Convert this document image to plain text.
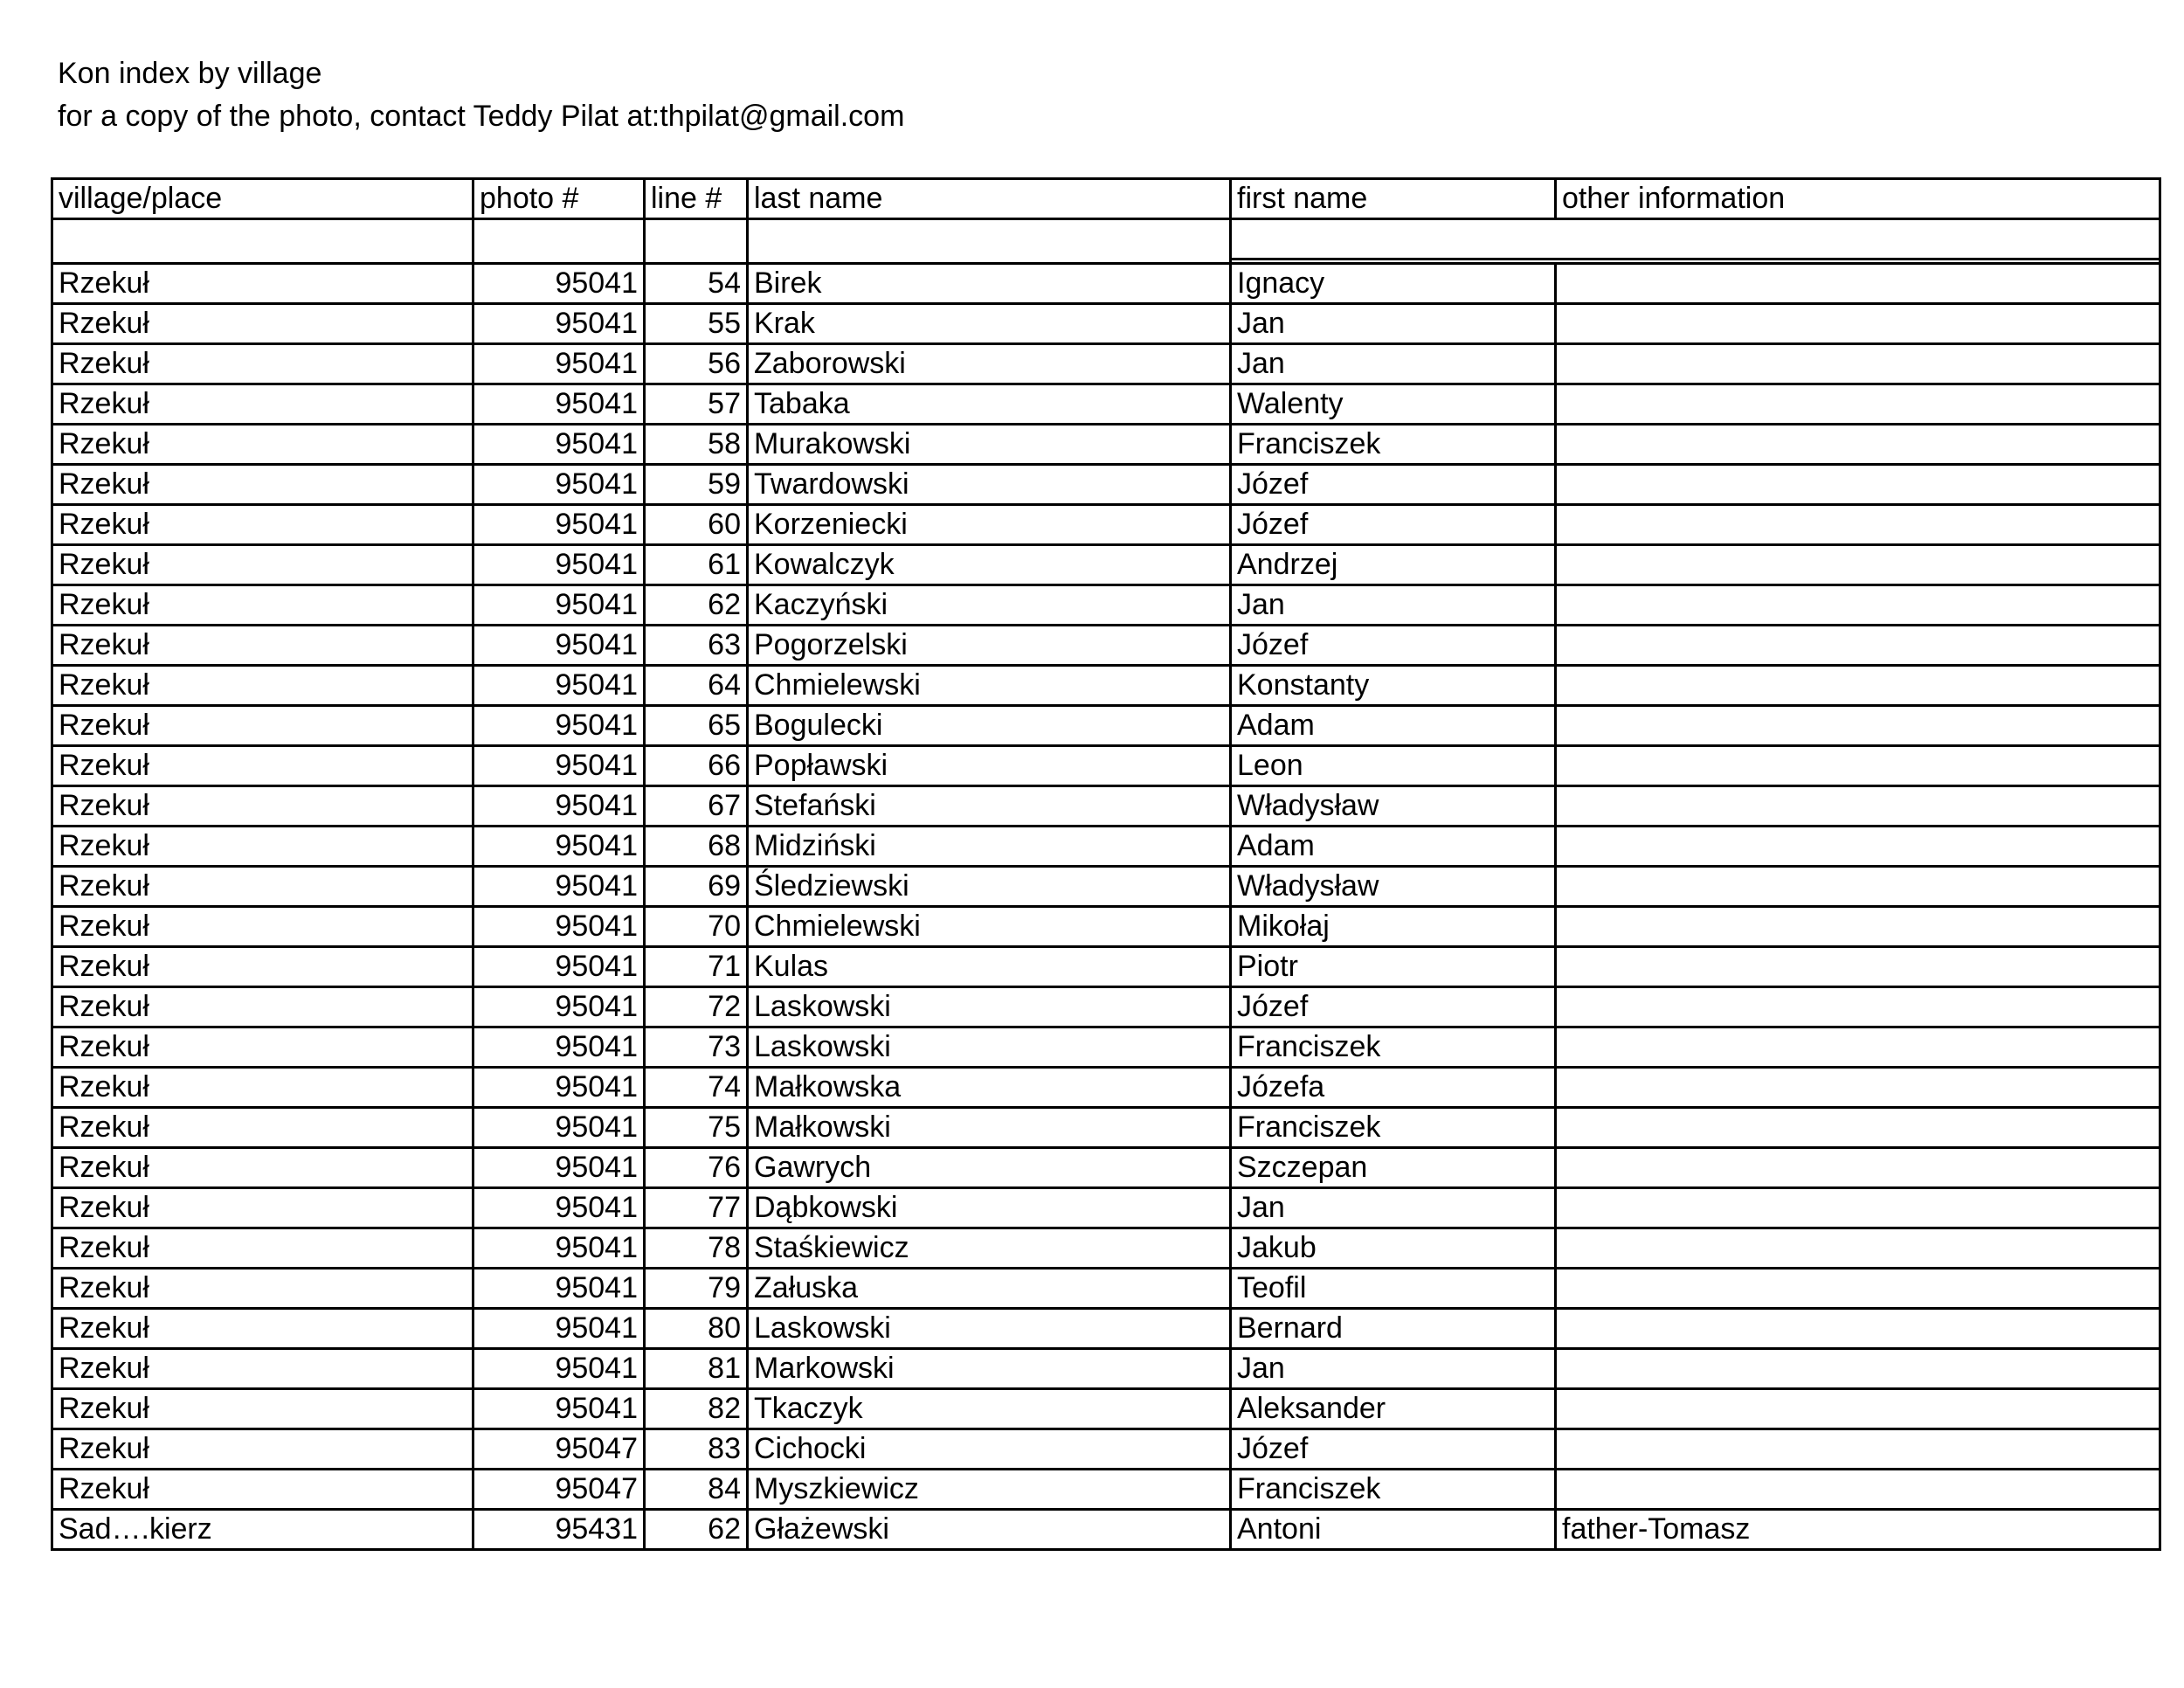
Kon index by village
for a copy of the photo, contact Teddy Pilat at:thpilat@gmail.com
village/place	photo #	line #	last name	first name	other information

Rzekuł	95041	54	Birek	Ignacy	
Rzekuł	95041	55	Krak	Jan	
Rzekuł	95041	56	Zaborowski	Jan	
Rzekuł	95041	57	Tabaka	Walenty	
Rzekuł	95041	58	Murakowski	Franciszek	
Rzekuł	95041	59	Twardowski	Józef	
Rzekuł	95041	60	Korzeniecki	Józef	
Rzekuł	95041	61	Kowalczyk	Andrzej	
Rzekuł	95041	62	Kaczyński	Jan	
Rzekuł	95041	63	Pogorzelski	Józef	
Rzekuł	95041	64	Chmielewski	Konstanty	
Rzekuł	95041	65	Bogulecki	Adam	
Rzekuł	95041	66	Popławski	Leon	
Rzekuł	95041	67	Stefański	Władysław	
Rzekuł	95041	68	Midziński	Adam	
Rzekuł	95041	69	Śledziewski	Władysław	
Rzekuł	95041	70	Chmielewski	Mikołaj	
Rzekuł	95041	71	Kulas	Piotr	
Rzekuł	95041	72	Laskowski	Józef	
Rzekuł	95041	73	Laskowski	Franciszek	
Rzekuł	95041	74	Małkowska	Józefa	
Rzekuł	95041	75	Małkowski	Franciszek	
Rzekuł	95041	76	Gawrych	Szczepan	
Rzekuł	95041	77	Dąbkowski	Jan	
Rzekuł	95041	78	Staśkiewicz	Jakub	
Rzekuł	95041	79	Załuska	Teofil	
Rzekuł	95041	80	Laskowski	Bernard	
Rzekuł	95041	81	Markowski	Jan	
Rzekuł	95041	82	Tkaczyk	Aleksander	
Rzekuł	95047	83	Cichocki	Józef	
Rzekuł	95047	84	Myszkiewicz	Franciszek	
Sad….kierz	95431	62	Głażewski	Antoni	father-Tomasz
